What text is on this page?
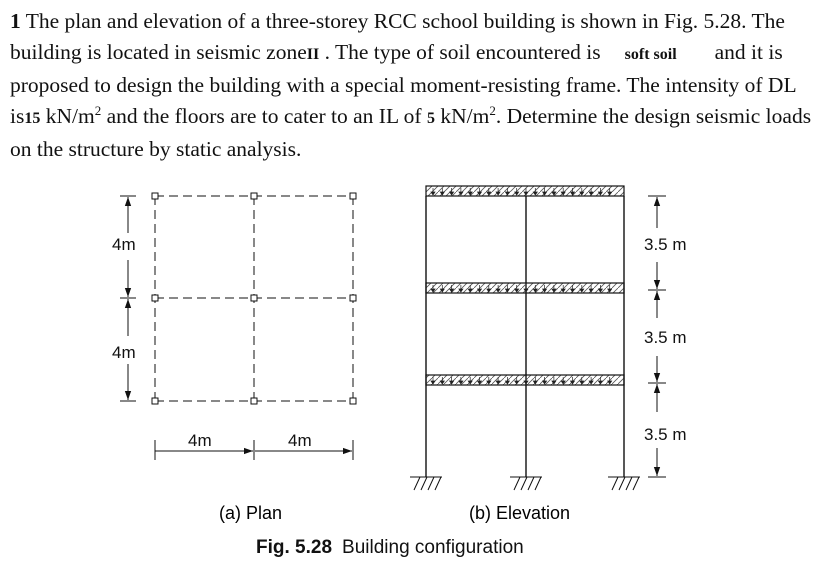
1 The plan and elevation of a three-storey RCC school building is shown in Fig. 5.28. The building is located in seismic zoneII . The type of soil encountered is soft soil and it is proposed to design the building with a special moment-resisting frame. The intensity of DL is15 $kN/m^2$ and the floors are to cater to an IL of 5 $kN/m^2$. Determine the design seismic loads on the structure by static analysis.
4m
4m
4m	4m
(a) Plan
3.5 m
3.5 m
3.5 m
(b) Elevation
Fig. 5.28 Building configuration
